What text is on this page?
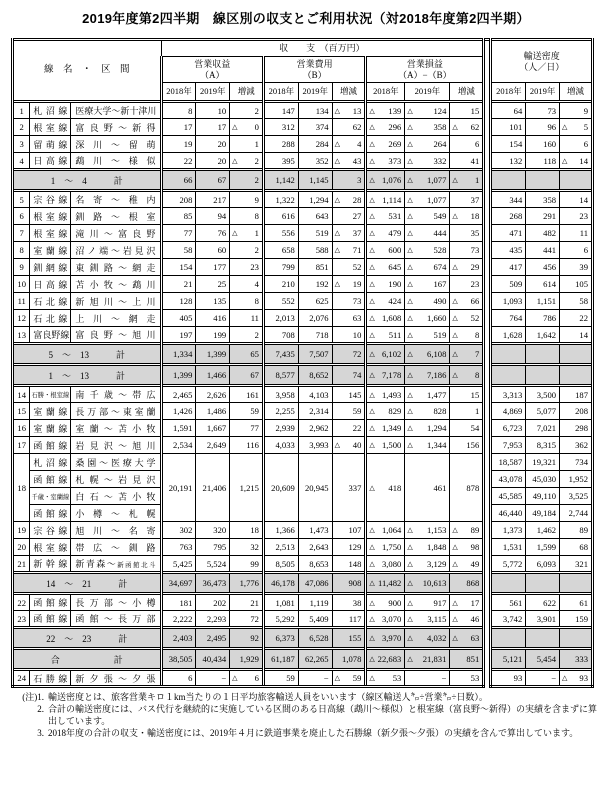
2019年度第2四半期　線区別の収支とご利用状況（対2018年度第2四半期）
線　名　・　区　間			収　　支　（百万円）										輸送密度
（人／日）		
			営業収益
（A）			営業費用
（B）			営業損益
（A）−（B）						
			2018年	2019年	増減	2018年	2019年	増減	2018年	2019年	増減		2018年	2019年	増減
1	札沼線	医療大学～新十津川	8	10	2	147	134	△ 13	△ 139	△ 124	15		64	73	9
2	根室線	富良野～新得	17	17	△ 0	312	374	62	△ 296	△ 358	△ 62		101	96	△ 5

3	留萌線	深川～留萌	19	20	1	288	284	△ 4	△ 269	△ 264	6		154	160	6
4	日高線	鵡川～様似	22	20	△ 2	395	352	△ 43	△ 373	△ 332	41		132	118	△ 14

1　～　4　　　計			66	67	2	1,142	1,145	3	△ 1,076	△ 1,077	△ 1				

5	宗谷線	名寄～稚内	208	217	9	1,322	1,294	△ 28	△ 1,114	△ 1,077	37		344	358	14
6	根室線	釧路～根室	85	94	8	616	643	27	△ 531	△ 549	△ 18		268	291	23
7	根室線	滝川～富良野	77	76	△ 1	556	519	△ 37	△ 479	△ 444	35		471	482	11
8	室蘭線	沼ノ端～岩見沢	58	60	2	658	588	△ 71	△ 600	△ 528	73		435	441	6
9	釧網線	東釧路～網走	154	177	23	799	851	52	△ 645	△ 674	△ 29		417	456	39
10	日高線	苫小牧～鵡川	21	25	4	210	192	△ 19	△ 190	△ 167	23		509	614	105
11	石北線	新旭川～上川	128	135	8	552	625	73	△ 424	△ 490	△ 66		1,093	1,151	58
12	石北線	上川～網走	405	416	11	2,013	2,076	63	△ 1,608	△ 1,660	△ 52		764	786	22
13	富良野線	富良野～旭川	197	199	2	708	718	10	△ 511	△ 519	△ 8		1,628	1,642	14
5　～　13　　　計			1,334	1,399	65	7,435	7,507	72	△ 6,102	△ 6,108	△ 7				

1　～　13　　　計			1,399	1,466	67	8,577	8,652	74	△ 7,178	△ 7,186	△ 8				

14	石勝・根室線	南千歳～帯広	2,465	2,626	161	3,958	4,103	145	△ 1,493	△ 1,477	15		3,313	3,500	187
15	室蘭線	長万部～東室蘭	1,426	1,486	59	2,255	2,314	59	△ 829	△ 828	1		4,869	5,077	208
16	室蘭線	室蘭～苫小牧	1,591	1,667	77	2,939	2,962	22	△ 1,349	△ 1,294	54		6,723	7,021	298
17	函館線	岩見沢～旭川	2,534	2,649	116	4,033	3,993	△ 40	△ 1,500	△ 1,344	156		7,953	8,315	362
18	札沼線	桑園～医療大学	20,191	21,406	1,215	20,609	20,945	337	△ 418	461	878		18,587	19,321	734
	函館線	札幌～岩見沢											43,078	45,030	1,952
	千歳・室蘭線	白石～苫小牧											45,585	49,110	3,525
	函館線	小樽～札幌											46,440	49,184	2,744
19	宗谷線	旭川～名寄	302	320	18	1,366	1,473	107	△ 1,064	△ 1,153	△ 89		1,373	1,462	89
20	根室線	帯広～釧路	763	795	32	2,513	2,643	129	△ 1,750	△ 1,848	△ 98		1,531	1,599	68
21	新幹線	新青森～新函館北斗	5,425	5,524	99	8,505	8,653	148	△ 3,080	△ 3,129	△ 49		5,772	6,093	321
14　～　21　　　計			34,697	36,473	1,776	46,178	47,086	908	△ 11,482	△ 10,613	868				
22	函館線	長万部～小樽	181	202	21	1,081	1,119	38	△ 900	△ 917	△ 17		561	622	61
23	函館線	函館～長万部	2,222	2,293	72	5,292	5,409	117	△ 3,070	△ 3,115	△ 46		3,742	3,901	159
22　～　23　　　計			2,403	2,495	92	6,373	6,528	155	△ 3,970	△ 4,032	△ 63				

合　　　　　　計			38,505	40,434	1,929	61,187	62,265	1,078	△ 22,683	△ 21,831	851		5,121	5,454	333
24	石勝線	新夕張～夕張	6	−	△ 6	59	−	△ 59	△ 53	−	53		93	−	△ 93
(注)1. 輸送密度とは、旅客営業キロ１km当たりの１日平均旅客輸送人員をいいます（線区輸送人㌔÷営業㌔÷日数）。
2. 合計の輸送密度には、バス代行を継続的に実施している区間のある日高線（鵡川～様似）と根室線（富良野～新得）の実績を含まずに算出しています。
3. 2018年度の合計の収支・輸送密度には、2019年４月に鉄道事業を廃止した石勝線（新夕張～夕張）の実績を含んで算出しています。
